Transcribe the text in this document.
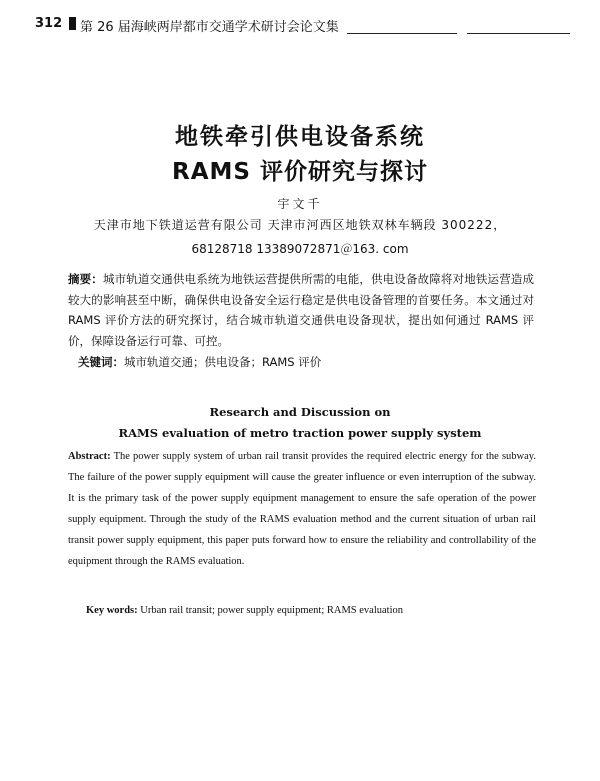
312 第 26 届海峡两岸都市交通学术研讨会论文集
地铁牵引供电设备系统
RAMS 评价研究与探讨
宇文千
天津市地下铁道运营有限公司 天津市河西区地铁双林车辆段 300222，
68128718 13389072871＠163. com
摘要：城市轨道交通供电系统为地铁运营提供所需的电能，供电设备故障将对地铁运营造成较大的影响甚至中断，确保供电设备安全运行稳定是供电设备管理的首要任务。本文通过对 RAMS 评价方法的研究探讨，结合城市轨道交通供电设备现状，提出如何通过 RAMS 评价，保障设备运行可靠、可控。
关键词：城市轨道交通；供电设备；RAMS 评价
Research and Discussion on
RAMS evaluation of metro traction power supply system
Abstract: The power supply system of urban rail transit provides the required electric energy for the subway. The failure of the power supply equipment will cause the greater influence or even interruption of the subway. It is the primary task of the power supply equipment management to ensure the safe operation of the power supply equipment. Through the study of the RAMS evaluation method and the current situation of urban rail transit power supply equipment, this paper puts forward how to ensure the reliability and controllability of the equipment through the RAMS evaluation.
Key words: Urban rail transit; power supply equipment; RAMS evaluation
